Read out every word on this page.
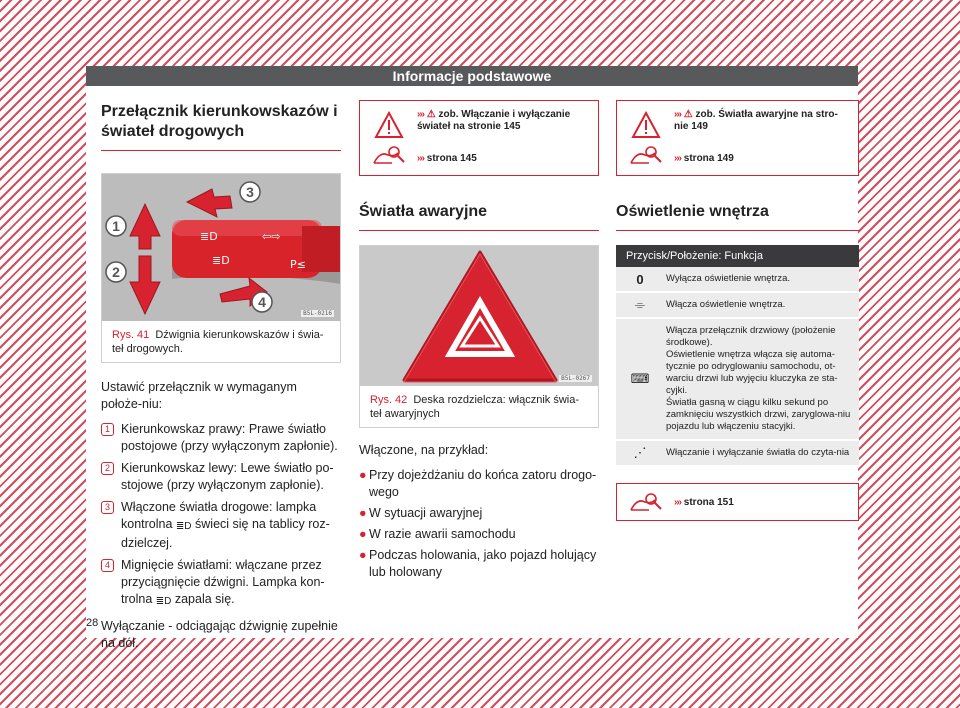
Informacje podstawowe
Przełącznik kierunkowskazów i świateł drogowych
≣D	⇦⇨
≣D	P≤
1
2
3
4
B5L-0216
Rys. 41 Dźwignia kierunkowskazów i świa-teł drogowych.

Ustawić przełącznik w wymaganym położe-niu:

1 Kierunkowskaz prawy: Prawe światło postojowe (przy wyłączonym zapłonie).
2 Kierunkowskaz lewy: Lewe światło po-stojowe (przy wyłączonym zapłonie).
3 Włączone światła drogowe: lampka kontrolna ≣D świeci się na tablicy roz-dzielczej.
4 Mignięcie światłami: włączane przez przyciągnięcie dźwigni. Lampka kon-trolna ≣D zapala się.

Wyłączanie - odciągając dźwignię zupełnie na dół.

››› ⚠ zob. Włączanie i wyłączanie świateł na stronie 145
››› strona 145
Światła awaryjne
B5L-0267
Rys. 42 Deska rozdzielcza: włącznik świa-teł awaryjnych

Włączone, na przykład:

● Przy dojeżdżaniu do końca zatoru drogo-wego
● W sytuacji awaryjnej
● W razie awarii samochodu
● Podczas holowania, jako pojazd holujący lub holowany
››› ⚠ zob. Światła awaryjne na stro-nie 149
››› strona 149
Oświetlenie wnętrza
Przycisk/Położenie: Funkcja
0	Wyłącza oświetlenie wnętrza.
⌯	Włącza oświetlenie wnętrza.
⌨
Włącza przełącznik drzwiowy (położenie środkowe).
Oświetlenie wnętrza włącza się automa-tycznie po odryglowaniu samochodu, ot-warciu drzwi lub wyjęciu kluczyka ze sta-cyjki.
Światła gasną w ciągu kilku sekund po zamknięciu wszystkich drzwi, zaryglowa-niu pojazdu lub włączeniu stacyjki.
⋰	Włączanie i wyłączanie światła do czyta-nia
››› strona 151
28
